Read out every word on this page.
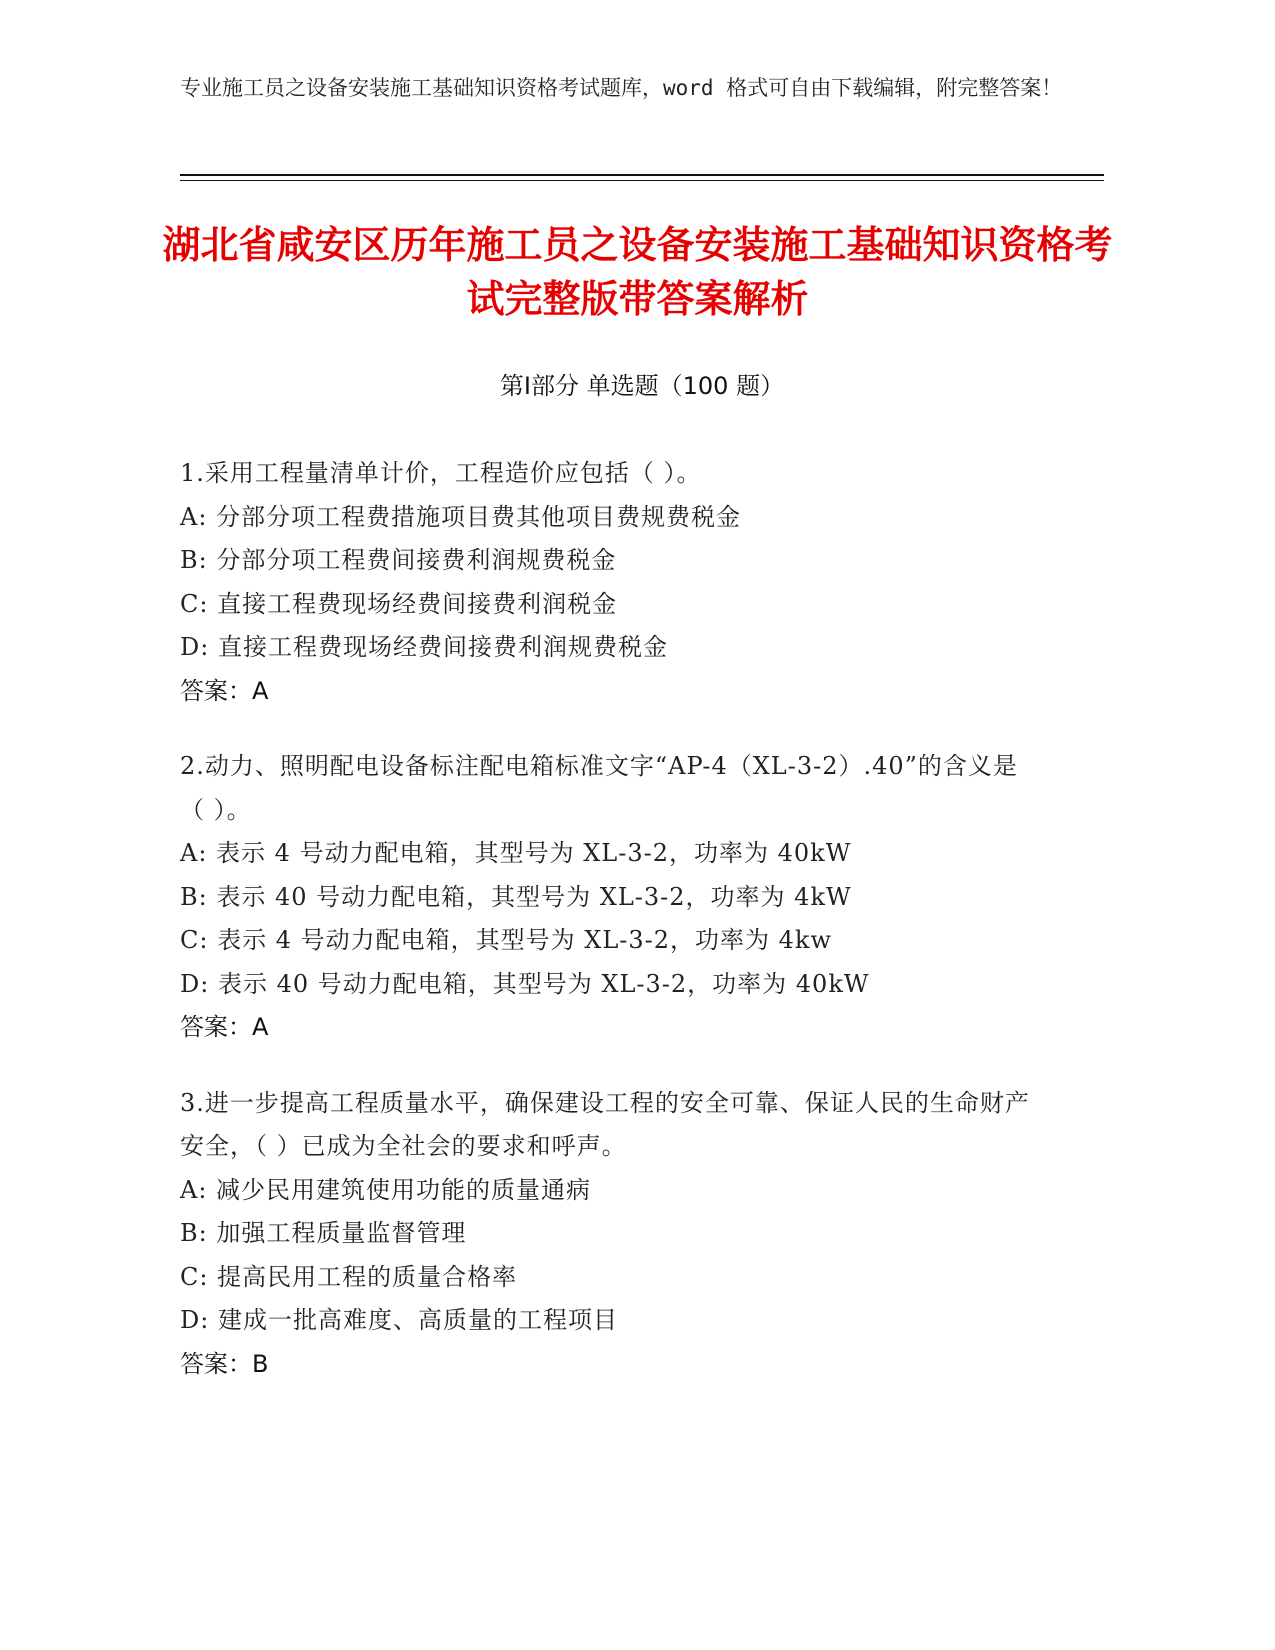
专业施工员之设备安装施工基础知识资格考试题库，word 格式可自由下载编辑，附完整答案！
湖北省咸安区历年施工员之设备安装施工基础知识资格考试完整版带答案解析
第Ⅰ部分 单选题（100 题）
1.采用工程量清单计价，工程造价应包括（ ）。
A: 分部分项工程费措施项目费其他项目费规费税金
B: 分部分项工程费间接费利润规费税金
C: 直接工程费现场经费间接费利润税金
D: 直接工程费现场经费间接费利润规费税金
答案：A
2.动力、照明配电设备标注配电箱标准文字“AP-4（XL-3-2）.40”的含义是（ ）。
A: 表示 4 号动力配电箱，其型号为 XL-3-2，功率为 40kW
B: 表示 40 号动力配电箱，其型号为 XL-3-2，功率为 4kW
C: 表示 4 号动力配电箱，其型号为 XL-3-2，功率为 4kw
D: 表示 40 号动力配电箱，其型号为 XL-3-2，功率为 40kW
答案：A
3.进一步提高工程质量水平，确保建设工程的安全可靠、保证人民的生命财产安全，（ ）已成为全社会的要求和呼声。
A: 减少民用建筑使用功能的质量通病
B: 加强工程质量监督管理
C: 提高民用工程的质量合格率
D: 建成一批高难度、高质量的工程项目
答案：B
